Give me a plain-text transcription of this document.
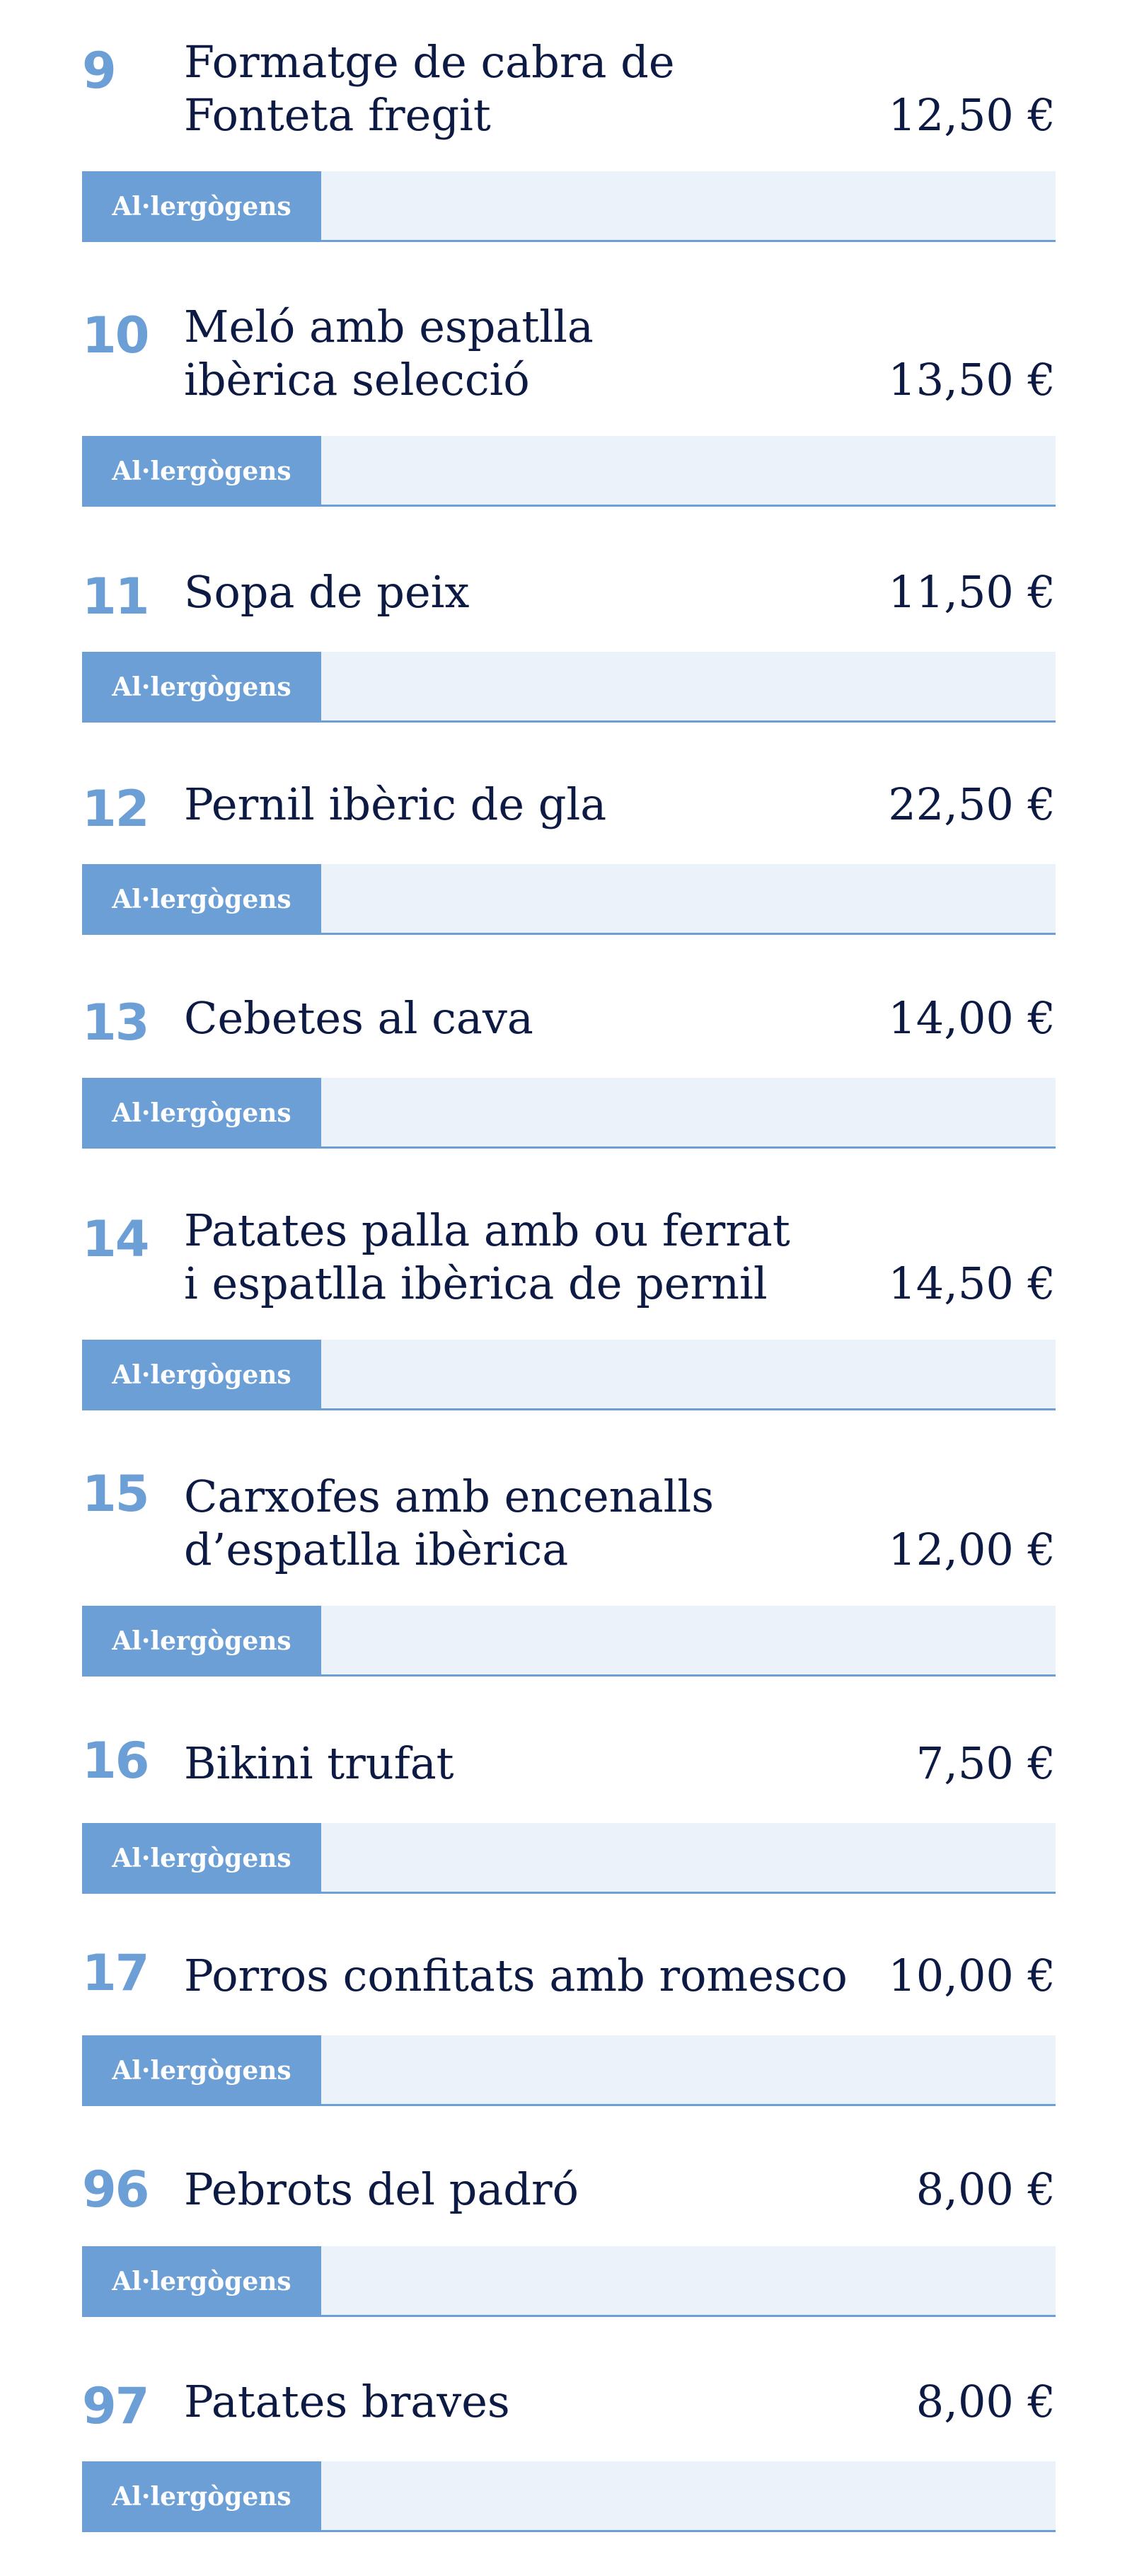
9 Formatge de cabra de
Fonteta fregit	12,50 €
Al·lergògens
10 Meló amb espatlla
ibèrica selecció	13,50 €
Al·lergògens
11 Sopa de peix	11,50 €
Al·lergògens
12 Pernil ibèric de gla	22,50 €
Al·lergògens
13 Cebetes al cava	14,00 €
Al·lergògens
14 Patates palla amb ou ferrat
i espatlla ibèrica de pernil	14,50 €
Al·lergògens
15 Carxofes amb encenalls
d’espatlla ibèrica	12,00 €
Al·lergògens
16 Bikini trufat	7,50 €
Al·lergògens
17 Porros confitats amb romesco 10,00 €
Al·lergògens
96 Pebrots del padró	8,00 €
Al·lergògens
97 Patates braves	8,00 €
Al·lergògens
